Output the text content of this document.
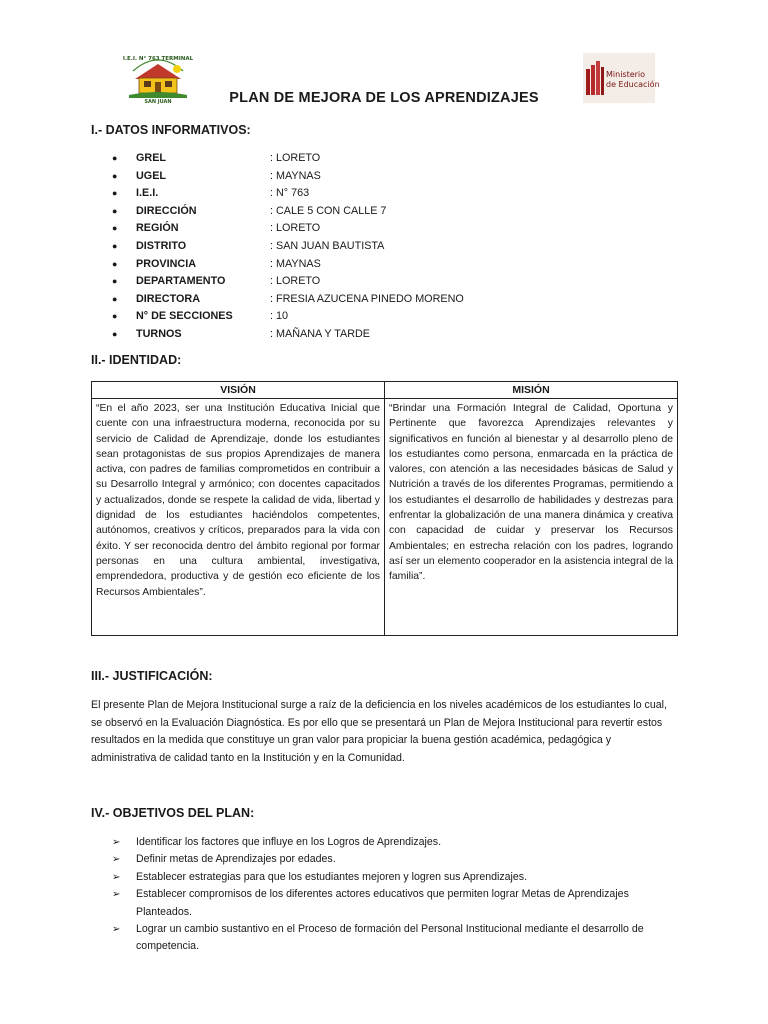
I.E.I. N° 763 TERMINAL
SAN JUAN
Ministerio
de Educación
PLAN DE MEJORA DE LOS APRENDIZAJES
I.- DATOS INFORMATIVOS:
● GREL	: LORETO
● UGEL	: MAYNAS
● I.E.I.	: N° 763
● DIRECCIÓN	: CALE 5 CON CALLE 7
● REGIÓN	: LORETO
● DISTRITO	: SAN JUAN BAUTISTA
● PROVINCIA	: MAYNAS
● DEPARTAMENTO	: LORETO
● DIRECTORA	: FRESIA AZUCENA PINEDO MORENO
● N° DE SECCIONES	: 10
● TURNOS	: MAÑANA Y TARDE
II.- IDENTIDAD:
VISIÓN	MISIÓN
“En el año 2023, ser una Institución Educativa Inicial que cuente con una infraestructura moderna, reconocida por su servicio de Calidad de Aprendizaje, donde los estudiantes sean protagonistas de sus propios Aprendizajes de manera activa, con padres de familias comprometidos en contribuir a su Desarrollo Integral y armónico; con docentes capacitados y actualizados, donde se respete la calidad de vida, libertad y dignidad de los estudiantes haciéndolos competentes, autónomos, creativos y críticos, preparados para la vida con éxito. Y ser reconocida dentro del ámbito regional por formar personas en una cultura ambiental, investigativa, emprendedora, productiva y de gestión eco eficiente de los Recursos Ambientales”.
“Brindar una Formación Integral de Calidad, Oportuna y Pertinente que favorezca Aprendizajes relevantes y significativos en función al bienestar y al desarrollo pleno de los estudiantes como persona, enmarcada en la práctica de valores, con atención a las necesidades básicas de Salud y Nutrición a través de los diferentes Programas, permitiendo a los estudiantes el desarrollo de habilidades y destrezas para enfrentar la globalización de una manera dinámica y creativa con capacidad de cuidar y preservar los Recursos Ambientales; en estrecha relación con los padres, logrando así ser un elemento cooperador en la asistencia integral de la familia”.
III.- JUSTIFICACIÓN:

El presente Plan de Mejora Institucional surge a raíz de la deficiencia en los niveles académicos de los estudiantes lo cual, se observó en la Evaluación Diagnóstica. Es por ello que se presentará un Plan de Mejora Institucional para revertir estos resultados en la medida que constituye un gran valor para propiciar la buena gestión académica, pedagógica y administrativa de calidad tanto en la Institución y en la Comunidad.

IV.- OBJETIVOS DEL PLAN:
➢ Identificar los factores que influye en los Logros de Aprendizajes.
➢ Definir metas de Aprendizajes por edades.
➢ Establecer estrategias para que los estudiantes mejoren y logren sus Aprendizajes.
➢ Establecer compromisos de los diferentes actores educativos que permiten lograr Metas de Aprendizajes Planteados.
➢ Lograr un cambio sustantivo en el Proceso de formación del Personal Institucional mediante el desarrollo de competencia.
